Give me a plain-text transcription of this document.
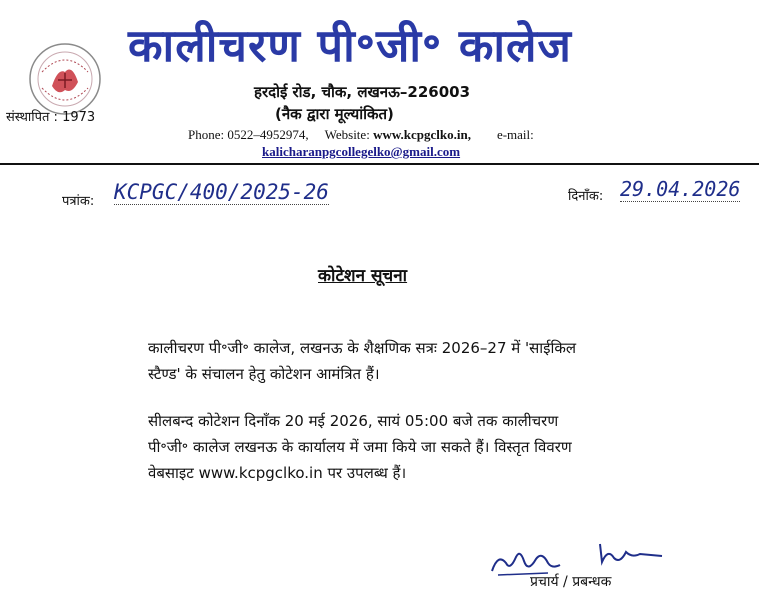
कालीचरण पी॰जी॰ कालेज
संस्थापित : 1973
हरदोई रोड, चौक, लखनऊ–226003
(नैक द्वारा मूल्यांकित)
Phone: 0522–4952974, Website: www.kcpgclko.in, e-mail:
kalicharanpgcollegelko@gmail.com
पत्रांक: KCPGC/400/2025-26	दिनाँक: 29.04.2026
कोटेशन सूचना
कालीचरण पी॰जी॰ कालेज, लखनऊ के शैक्षणिक सत्रः 2026–27 में 'साईकिल
स्टैण्ड' के संचालन हेतु कोटेशन आमंत्रित हैं।
सीलबन्द कोटेशन दिनाँक 20 मई 2026, सायं 05:00 बजे तक कालीचरण
पी॰जी॰ कालेज लखनऊ के कार्यालय में जमा किये जा सकते हैं। विस्तृत विवरण
वेबसाइट www.kcpgclko.in पर उपलब्ध हैं।
प्रचार्य / प्रबन्धक
